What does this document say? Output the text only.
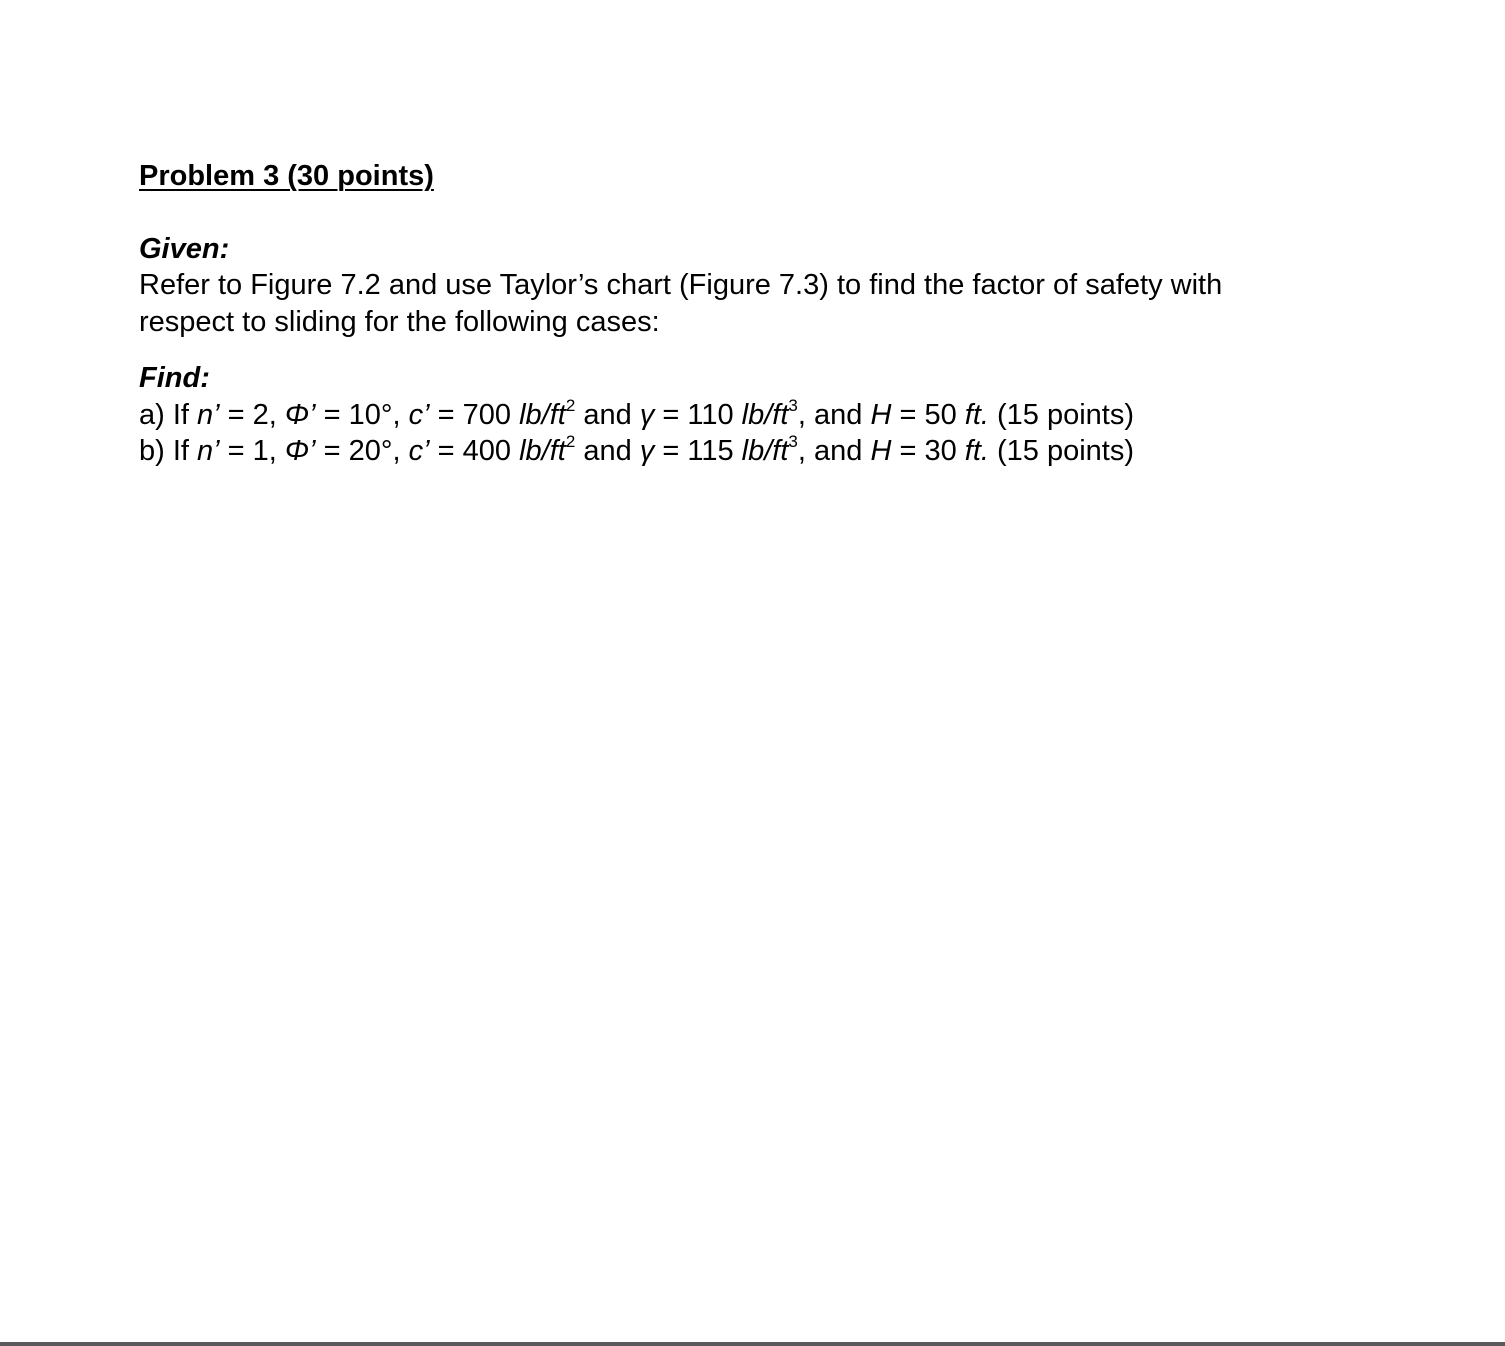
Problem 3 (30 points)
Given:
Refer to Figure 7.2 and use Taylor’s chart (Figure 7.3) to find the factor of safety with
respect to sliding for the following cases:
Find:
a) If n’ = 2, Φ’ = 10°, c’ = 700 $lb/ft^2$ and γ = 110 $lb/ft^3$, and H = 50 ft. (15 points)
b) If n’ = 1, Φ’ = 20°, c’ = 400 $lb/ft^2$ and γ = 115 $lb/ft^3$, and H = 30 ft. (15 points)
